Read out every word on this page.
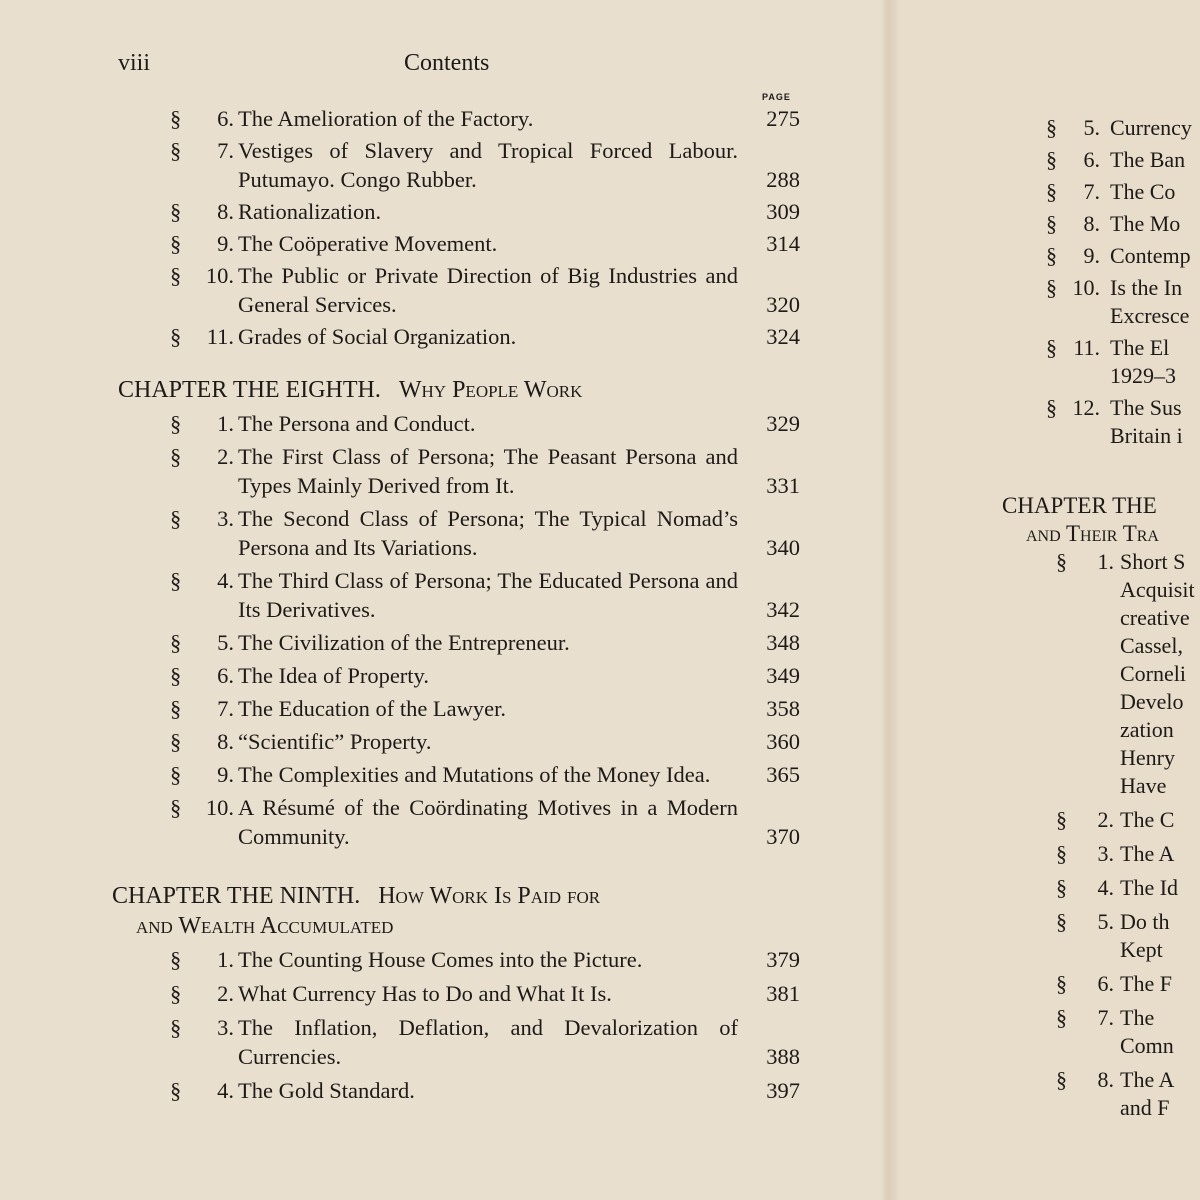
viii	Contents
PAGE
§	6. The Amelioration of the Factory.	275
§	7. Vestiges of Slavery and Tropical Forced Labour. Putumayo. Congo Rubber.	288
§	8. Rationalization.	309
§	9. The Coöperative Movement.	314
§	10. The Public or Private Direction of Big Industries and General Services.	320
§	11. Grades of Social Organization.	324
CHAPTER THE EIGHTH. Why People Work
§	1. The Persona and Conduct.	329
§	2. The First Class of Persona; The Peasant Persona and Types Mainly Derived from It.	331
§	3. The Second Class of Persona; The Typical Nomad’s Persona and Its Variations.	340
§	4. The Third Class of Persona; The Educated Persona and Its Derivatives.	342
§	5. The Civilization of the Entrepreneur.	348
§	6. The Idea of Property.	349
§	7. The Education of the Lawyer.	358
§	8. “Scientific” Property.	360
§	9. The Complexities and Mutations of the Money Idea.	365
§	10. A Résumé of the Coördinating Motives in a Modern Community.	370
CHAPTER THE NINTH. How Work Is Paid for
and Wealth Accumulated
§	1. The Counting House Comes into the Picture.	379
§	2. What Currency Has to Do and What It Is.	381
§	3. The Inflation, Deflation, and Devalorization of Currencies.	388
§	4. The Gold Standard.	397
§	5. Currency
§	6. The Ban
§	7. The Co
§	8. The Mo
§	9. Contemp
§ 10. Is the In
Excresce
§ 11. The El
1929–3
§ 12. The Sus
Britain i
CHAPTER THE
and Their Tra
§	1. Short S
Acquisit
creative
Cassel,
Corneli
Develo
zation
Henry
Have
§	2. The C
§	3. The A
§	4. The Id
§	5. Do th
Kept
§	6. The F
§	7. The
Comn
§	8. The A
and F
